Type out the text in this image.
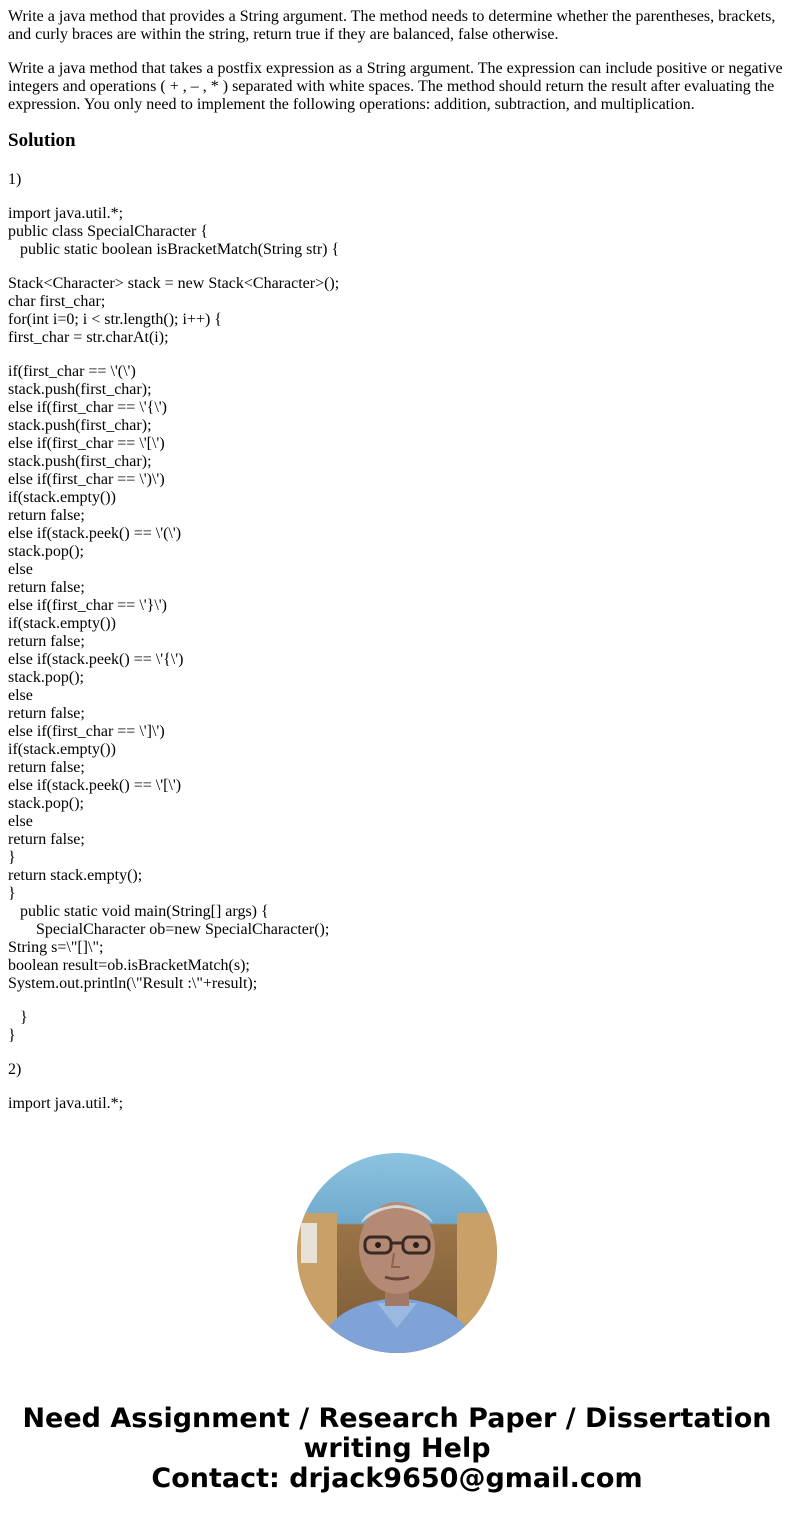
Write a java method that provides a String argument. The method needs to determine whether the parentheses, brackets, and curly braces are within the string, return true if they are balanced, false otherwise.

Write a java method that takes a postfix expression as a String argument. The expression can include positive or negative integers and operations ( + , – , * ) separated with white spaces. The method should return the result after evaluating the expression. You only need to implement the following operations: addition, subtraction, and multiplication.

Solution

1)

import java.util.*;
public class SpecialCharacter {
public static boolean isBracketMatch(String str) {
Stack<Character> stack = new Stack<Character>();
char first_char;
for(int i=0; i < str.length(); i++) {
first_char = str.charAt(i);
if(first_char == \'(\')
stack.push(first_char);
else if(first_char == \'{\')
stack.push(first_char);
else if(first_char == \'[\')
stack.push(first_char);
else if(first_char == \')\')
if(stack.empty())
return false;
else if(stack.peek() == \'(\')
stack.pop();
else
return false;
else if(first_char == \'}\')
if(stack.empty())
return false;
else if(stack.peek() == \'{\')
stack.pop();
else
return false;
else if(first_char == \']\')
if(stack.empty())
return false;
else if(stack.peek() == \'[\')
stack.pop();
else
return false;
}
return stack.empty();
}
public static void main(String[] args) {
SpecialCharacter ob=new SpecialCharacter();
String s=\"[]\";
boolean result=ob.isBracketMatch(s);
System.out.println(\"Result :\"+result);
}
}

2)

import java.util.*;
Need Assignment / Research Paper / Dissertation
writing Help
Contact: drjack9650@gmail.com
